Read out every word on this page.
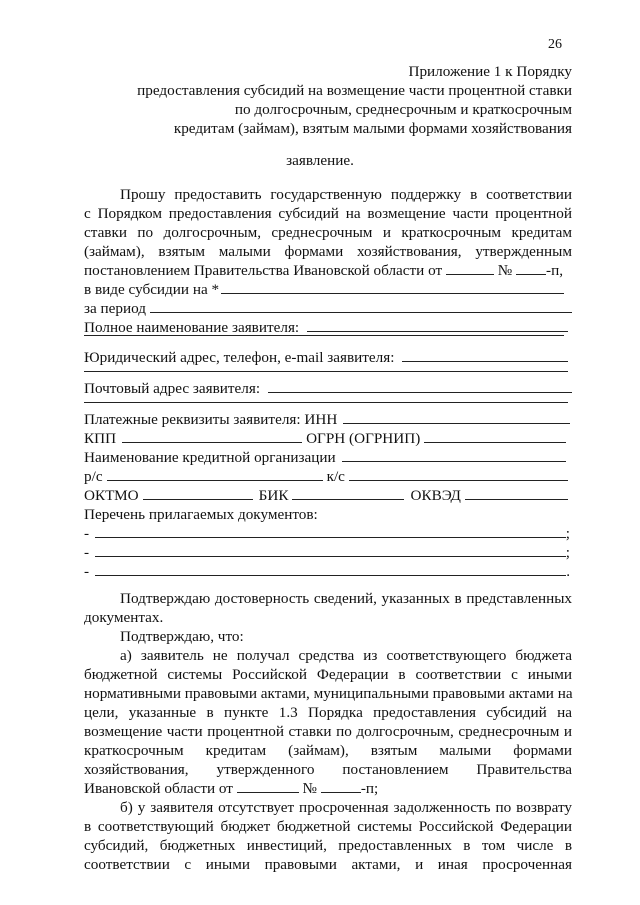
26
Приложение 1 к Порядку
предоставления субсидий на возмещение части процентной ставки
по долгосрочным, среднесрочным и краткосрочным
кредитам (займам), взятым малыми формами хозяйствования
заявление.
Прошу предоставить государственную поддержку в соответствии
с Порядком предоставления субсидий на возмещение части процентной
ставки по долгосрочным, среднесрочным и краткосрочным кредитам
(займам), взятым малыми формами хозяйствования, утвержденным
постановлением Правительства Ивановской области от	№ -п,
в виде субсидии на *
за период
Полное наименование заявителя:
Юридический адрес, телефон, e-mail заявителя:
Почтовый адрес заявителя:
Платежные реквизиты заявителя: ИНН
КПП	ОГРН (ОГРНИП)
Наименование кредитной организации
р/с	к/с
ОКТМО	БИК	ОКВЭД
Перечень прилагаемых документов:
-	;
-	;
-	.
Подтверждаю достоверность сведений, указанных в представленных
документах.
Подтверждаю, что:
а) заявитель не получал средства из соответствующего бюджета
бюджетной системы Российской Федерации в соответствии с иными
нормативными правовыми актами, муниципальными правовыми актами на
цели, указанные в пункте 1.3 Порядка предоставления субсидий на
возмещение части процентной ставки по долгосрочным, среднесрочным и
краткосрочным кредитам (займам), взятым малыми формами
хозяйствования, утвержденного постановлением Правительства
Ивановской области от	№	-п;
б) у заявителя отсутствует просроченная задолженность по возврату
в соответствующий бюджет бюджетной системы Российской Федерации
субсидий, бюджетных инвестиций, предоставленных в том числе в
соответствии с иными правовыми актами, и иная просроченная
